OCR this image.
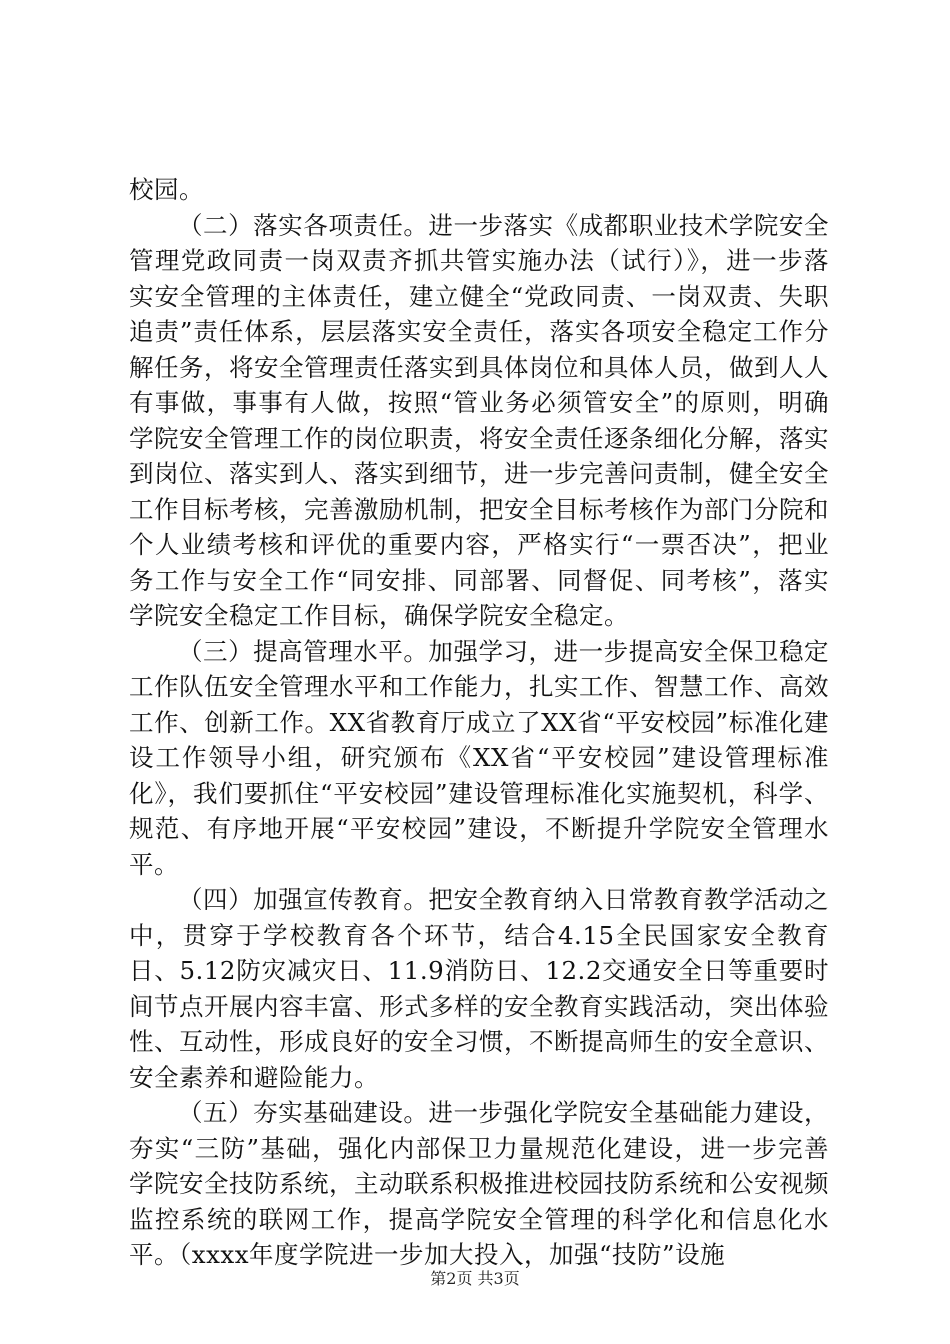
校园。

（二）落实各项责任。进一步落实《成都职业技术学院安全管理党政同责一岗双责齐抓共管实施办法（试行）》，进一步落实安全管理的主体责任，建立健全“党政同责、一岗双责、失职追责”责任体系，层层落实安全责任，落实各项安全稳定工作分解任务，将安全管理责任落实到具体岗位和具体人员，做到人人有事做，事事有人做，按照“管业务必须管安全”的原则，明确学院安全管理工作的岗位职责，将安全责任逐条细化分解，落实到岗位、落实到人、落实到细节，进一步完善问责制，健全安全工作目标考核，完善激励机制，把安全目标考核作为部门分院和个人业绩考核和评优的重要内容，严格实行“一票否决”，把业务工作与安全工作“同安排、同部署、同督促、同考核”，落实学院安全稳定工作目标，确保学院安全稳定。

（三）提高管理水平。加强学习，进一步提高安全保卫稳定工作队伍安全管理水平和工作能力，扎实工作、智慧工作、高效工作、创新工作。XX省教育厅成立了XX省“平安校园”标准化建设工作领导小组，研究颁布《XX省“平安校园”建设管理标准化》，我们要抓住“平安校园”建设管理标准化实施契机，科学、规范、有序地开展“平安校园”建设，不断提升学院安全管理水平。

（四）加强宣传教育。把安全教育纳入日常教育教学活动之中，贯穿于学校教育各个环节，结合4.15全民国家安全教育日、5.12防灾减灾日、11.9消防日、12.2交通安全日等重要时间节点开展内容丰富、形式多样的安全教育实践活动，突出体验性、互动性，形成良好的安全习惯，不断提高师生的安全意识、安全素养和避险能力。

（五）夯实基础建设。进一步强化学院安全基础能力建设，夯实“三防”基础，强化内部保卫力量规范化建设，进一步完善学院安全技防系统，主动联系积极推进校园技防系统和公安视频监控系统的联网工作，提高学院安全管理的科学化和信息化水平。（xxxx年度学院进一步加大投入，加强“技防”设施

第2页 共3页
